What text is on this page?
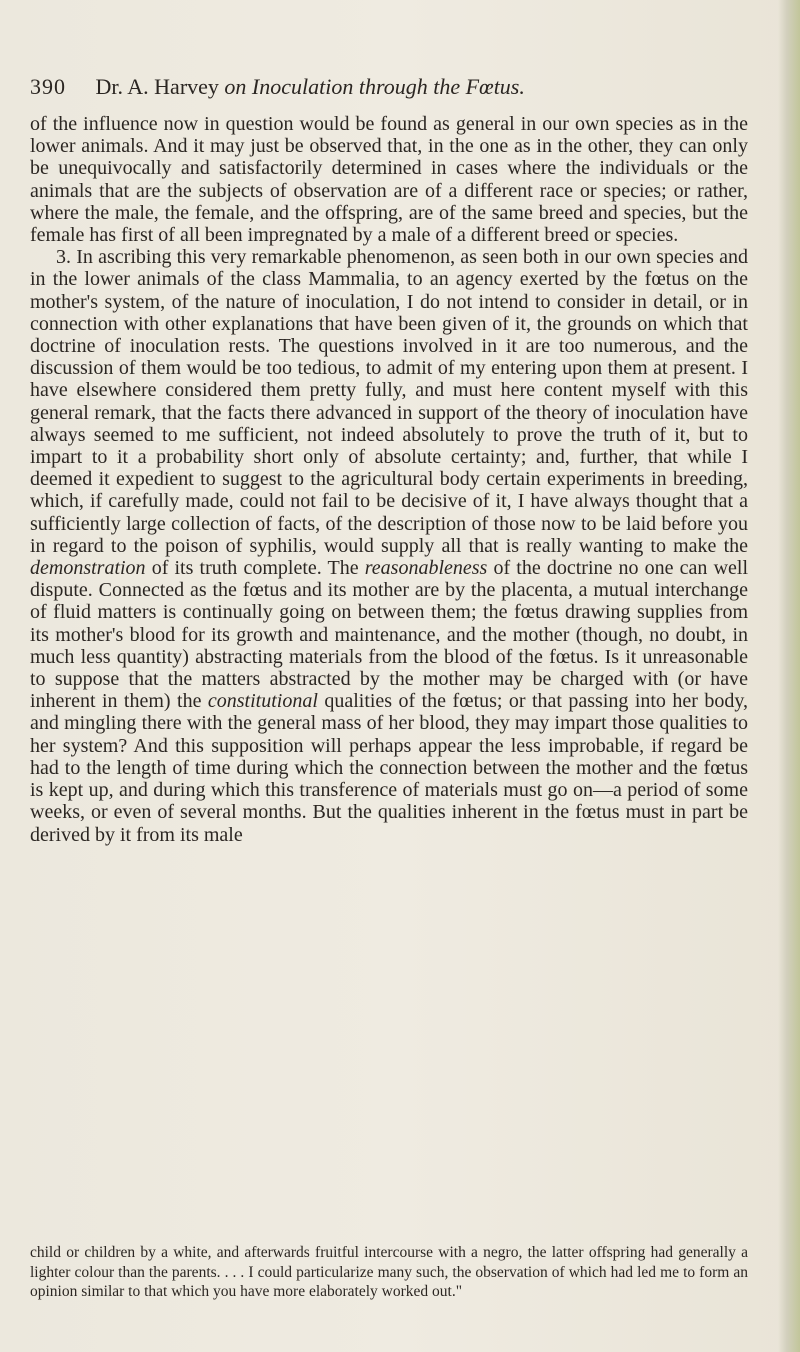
390 Dr. A. Harvey on Inoculation through the Fœtus.

of the influence now in question would be found as general in our own species as in the lower animals. And it may just be observed that, in the one as in the other, they can only be unequivocally and satisfactorily determined in cases where the individuals or the animals that are the subjects of observation are of a different race or species; or rather, where the male, the female, and the offspring, are of the same breed and species, but the female has first of all been impregnated by a male of a different breed or species.

3. In ascribing this very remarkable phenomenon, as seen both in our own species and in the lower animals of the class Mammalia, to an agency exerted by the fœtus on the mother's system, of the nature of inoculation, I do not intend to consider in detail, or in connection with other explanations that have been given of it, the grounds on which that doctrine of inoculation rests. The questions involved in it are too numerous, and the discussion of them would be too tedious, to admit of my entering upon them at present. I have elsewhere considered them pretty fully, and must here content myself with this general remark, that the facts there advanced in support of the theory of inoculation have always seemed to me sufficient, not indeed absolutely to prove the truth of it, but to impart to it a probability short only of absolute certainty; and, further, that while I deemed it expedient to suggest to the agricultural body certain experiments in breeding, which, if carefully made, could not fail to be decisive of it, I have always thought that a sufficiently large collection of facts, of the description of those now to be laid before you in regard to the poison of syphilis, would supply all that is really wanting to make the demonstration of its truth complete. The reasonableness of the doctrine no one can well dispute. Connected as the fœtus and its mother are by the placenta, a mutual interchange of fluid matters is continually going on between them; the fœtus drawing supplies from its mother's blood for its growth and maintenance, and the mother (though, no doubt, in much less quantity) abstracting materials from the blood of the fœtus. Is it unreasonable to suppose that the matters abstracted by the mother may be charged with (or have inherent in them) the constitutional qualities of the fœtus; or that passing into her body, and mingling there with the general mass of her blood, they may impart those qualities to her system? And this supposition will perhaps appear the less improbable, if regard be had to the length of time during which the connection between the mother and the fœtus is kept up, and during which this transference of materials must go on—a period of some weeks, or even of several months. But the qualities inherent in the fœtus must in part be derived by it from its male

child or children by a white, and afterwards fruitful intercourse with a negro, the latter offspring had generally a lighter colour than the parents. . . . I could particularize many such, the observation of which had led me to form an opinion similar to that which you have more elaborately worked out."
